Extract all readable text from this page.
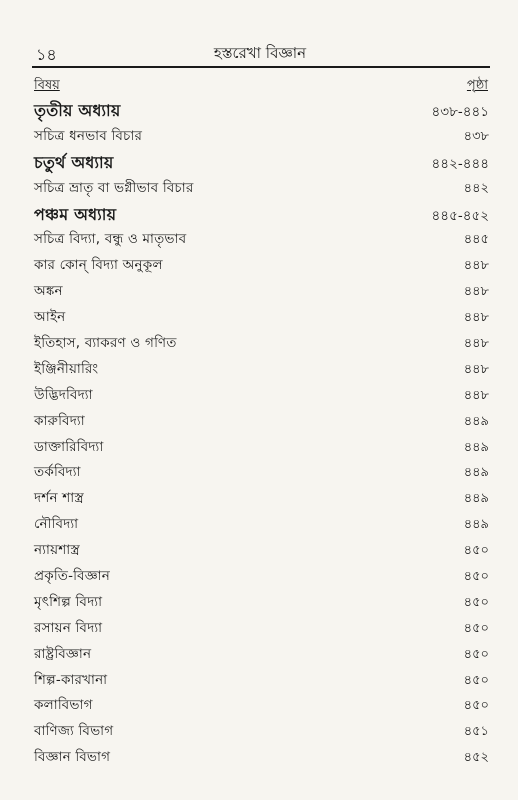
১৪	হস্তরেখা বিজ্ঞান
বিষয়	পৃষ্ঠা
তৃতীয় অধ্যায়	৪৩৮-৪৪১
সচিত্র ধনভাব বিচার	৪৩৮
চতুর্থ অধ্যায়	৪৪২-৪৪৪
সচিত্র ভ্রাতৃ বা ভগ্নীভাব বিচার	৪৪২
পঞ্চম অধ্যায়	৪৪৫-৪৫২
সচিত্র বিদ্যা, বন্ধু ও মাতৃভাব	৪৪৫
কার কোন্ বিদ্যা অনুকূল	৪৪৮
অঙ্কন	৪৪৮
আইন	৪৪৮
ইতিহাস, ব্যাকরণ ও গণিত	৪৪৮
ইঞ্জিনীয়ারিং	৪৪৮
উদ্ভিদবিদ্যা	৪৪৮
কারুবিদ্যা	৪৪৯
ডাক্তারিবিদ্যা	৪৪৯
তর্কবিদ্যা	৪৪৯
দর্শন শাস্ত্র	৪৪৯
নৌবিদ্যা	৪৪৯
ন্যায়শাস্ত্র	৪৫০
প্রকৃতি-বিজ্ঞান	৪৫০
মৃৎশিল্প বিদ্যা	৪৫০
রসায়ন বিদ্যা	৪৫০
রাষ্ট্রবিজ্ঞান	৪৫০
শিল্প-কারখানা	৪৫০
কলাবিভাগ	৪৫০
বাণিজ্য বিভাগ	৪৫১
বিজ্ঞান বিভাগ	৪৫২
